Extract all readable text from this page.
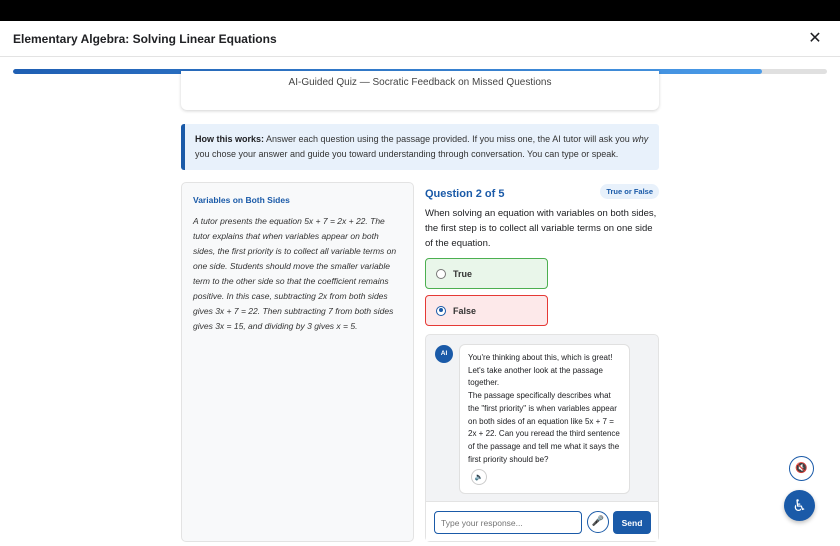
Elementary Algebra: Solving Linear Equations	✕
AI-Guided Quiz — Socratic Feedback on Missed Questions
How this works: Answer each question using the passage provided. If you miss one, the AI tutor will ask you why you chose your answer and guide you toward understanding through conversation. You can type or speak.
Variables on Both Sides
A tutor presents the equation 5x + 7 = 2x + 22. The tutor explains that when variables appear on both sides, the first priority is to collect all variable terms on one side. Students should move the smaller variable term to the other side so that the coefficient remains positive. In this case, subtracting 2x from both sides gives 3x + 7 = 22. Then subtracting 7 from both sides gives 3x = 15, and dividing by 3 gives x = 5.
Question 2 of 5	True or False
When solving an equation with variables on both sides, the first step is to collect all variable terms on one side of the equation.
True
False
AI	You're thinking about this, which is great! Let's take another look at the passage together.

The passage specifically describes what the "first priority" is when variables appear on both sides of an equation like 5x + 7 = 2x + 22. Can you reread the third sentence of the passage and tell me what it says the first priority should be?

🔈
Type your response...
🎤	Send
🔇
♿
